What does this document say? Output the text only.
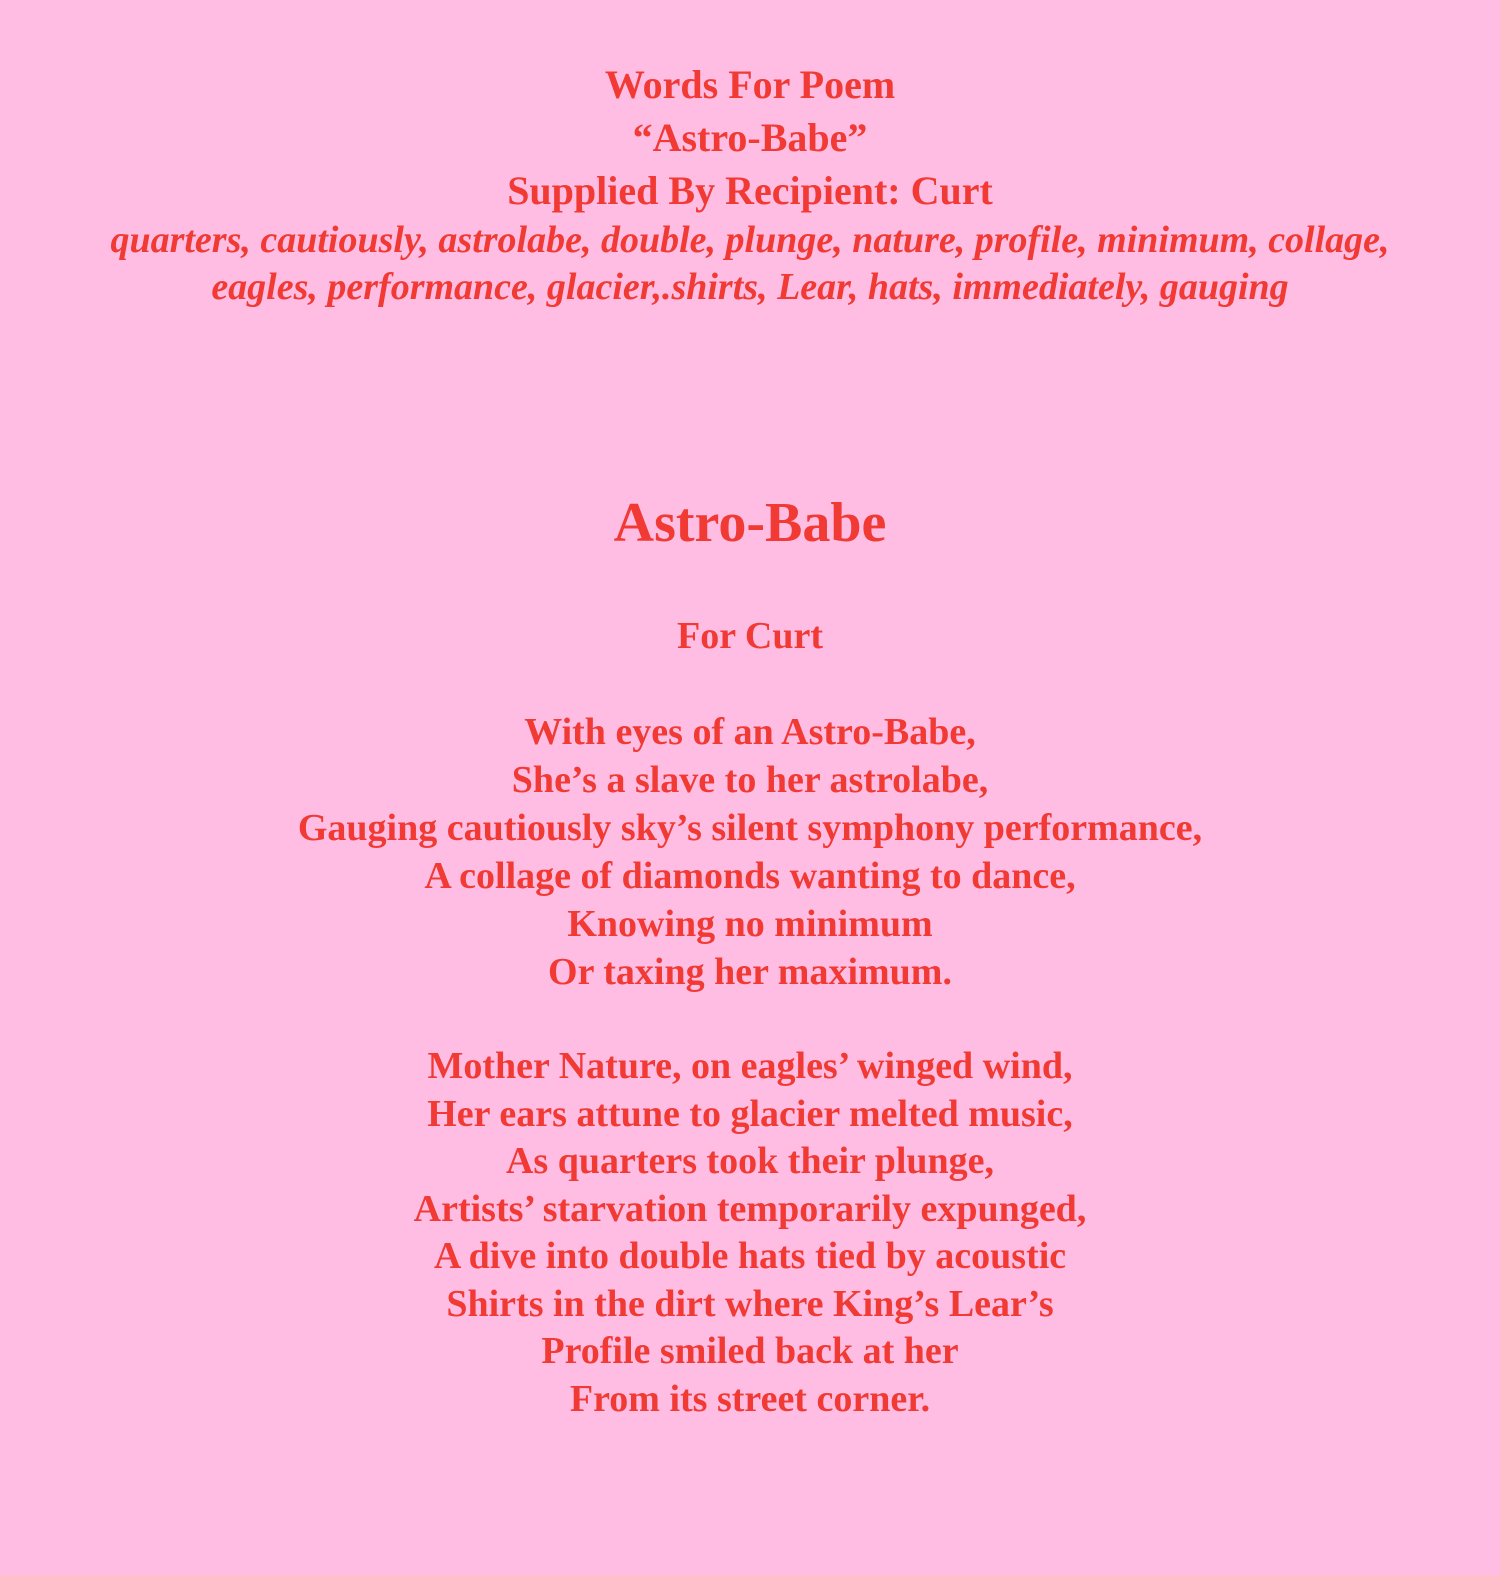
Words For Poem
“Astro-Babe”
Supplied By Recipient: Curt
quarters, cautiously, astrolabe, double, plunge, nature, profile, minimum, collage,
eagles, performance, glacier,.shirts, Lear, hats, immediately, gauging
Astro-Babe
For Curt
With eyes of an Astro-Babe,
She’s a slave to her astrolabe,
Gauging cautiously sky’s silent symphony performance,
A collage of diamonds wanting to dance,
Knowing no minimum
Or taxing her maximum.
Mother Nature, on eagles’ winged wind,
Her ears attune to glacier melted music,
As quarters took their plunge,
Artists’ starvation temporarily expunged,
A dive into double hats tied by acoustic
Shirts in the dirt where King’s Lear’s
Profile smiled back at her
From its street corner.
